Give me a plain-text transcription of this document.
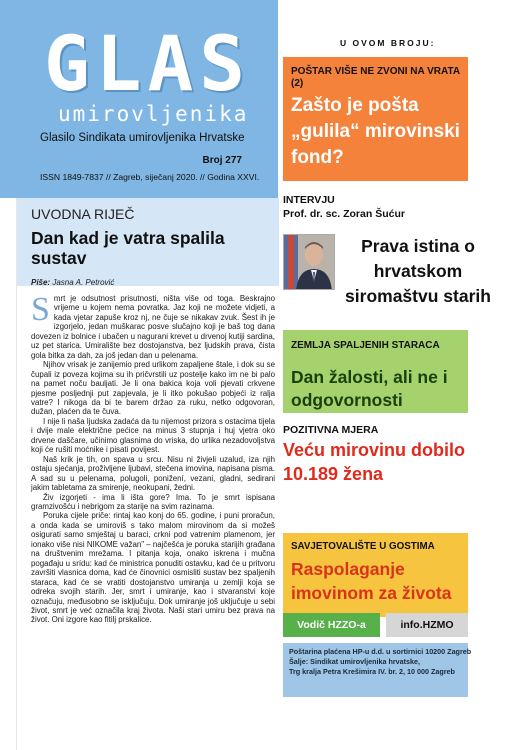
GLAS
umirovljenika
Glasilo Sindikata umirovljenika Hrvatske
Broj 277
ISSN 1849-7837 // Zagreb, siječanj 2020. // Godina XXVI.
UVODNA RIJEČ
Dan kad je vatra spalila sustav
Piše: Jasna A. Petrović

Smrt je odsutnost prisutnosti, ništa više od toga. Beskrajno vrijeme u kojem nema povratka. Jaz koji ne možete vidjeti, a kada vjetar zapuše kroz nj, ne čuje se nikakav zvuk. Šest ih je izgorjelo, jedan muškarac posve slučajno koji je baš tog dana dovezen iz bolnice i ubačen u nagurani krevet u drvenoj kutiji sardina, uz pet starica. Umiralište bez dostojanstva, bez ljudskih prava, čista gola bitka za dah, za još jedan dan u pelenama.

Njihov vrisak je zanijemio pred urlikom zapaljene štale, i dok su se čupali iz poveza kojima su ih pričvrstili uz postelje kako im ne bi palo na pamet noču baulјati. Je li ona bakica koja voli pjevati crkvene pjesme posljednji put zapjevala, je li itko pokušao pobjeći iz ralja vatre? I nikoga da bi te barem držao za ruku, netko odgovoran, dužan, plaćen da te čuva.

I nije li naša ljudska zadaća da tu nijemost prizora s ostacima tijela i dvije male električne pećice na minus 3 stupnja i huj vjetra oko drvene daščare, učinimo glasnima do vriska, do urlika nezadovoljstva koji će rušiti moćnike i pisati povijest.

Naš krik je tih, on spava u srcu. Nisu ni živjeli uzalud, iza njih ostaju sjećanja, proživljene ljubavi, stečena imovina, napisana pisma. A sad su u pelenama, polugoli, ponižení, vezani, gladni, sedirani jakim tabletama za smirenje, neokupani, žedni.

Živ izgorjeti - ima li išta gore? Ima. To je smrt ispisana gramzivošću i nebrigom za starije na svim razinama.

Poruka cijele priče: rintaj kao konj do 65. godine, i puni proračun, a onda kada se umiroviš s tako malom mirovinom da si možeš osigurati samo smještaj u baraci, crkni pod vatrenim plamenom, jer ionako više nisi NIKOME važan" – najčešća je poruka starijih građana na društvenim mrežama. I pitanja koja, onako iskrena i mučna pogađaju u srídu: kad će ministrica ponuditi ostavku, kad će u pritvoru završiti vlasnica doma, kad će činovnici osmisliti sustav bez spaljenih staraca, kad će se vratiti dostojanstvo umiranja u zemlji koja se odreka svojih starih. Jer, smrt i umiranje, kao i stvaranstvi koje označuju, međusobno se isključuju. Dok umiranje još uključuje u sebi život, smrt je već označila kraj života. Naši stari umiru bez prava na život. Oni izgore kao fitilj prskalice.

U OVOM BROJU:
POŠTAR VIŠE NE ZVONI NA VRATA (2)
Zašto je pošta „gulila“ mirovinski fond?
INTERVJU
Prof. dr. sc. Zoran Šućur
Prava istina o hrvatskom siromaštvu starih
ZEMLJA SPALJENIH STARACA
Dan žalosti, ali ne i odgovornosti
POZITIVNA MJERA
Veću mirovinu dobilo 10.189 žena
SAVJETOVALIŠTE U GOSTIMA
Raspolaganje imovinom za života
Vodič HZZO-a	info.HZMO
Poštarina plaćena HP-u d.d. u sortirnici 10200 Zagreb
Šalje: Sindikat umirovljenika hrvatske,
Trg kralja Petra Krešimira IV. br. 2, 10 000 Zagreb
